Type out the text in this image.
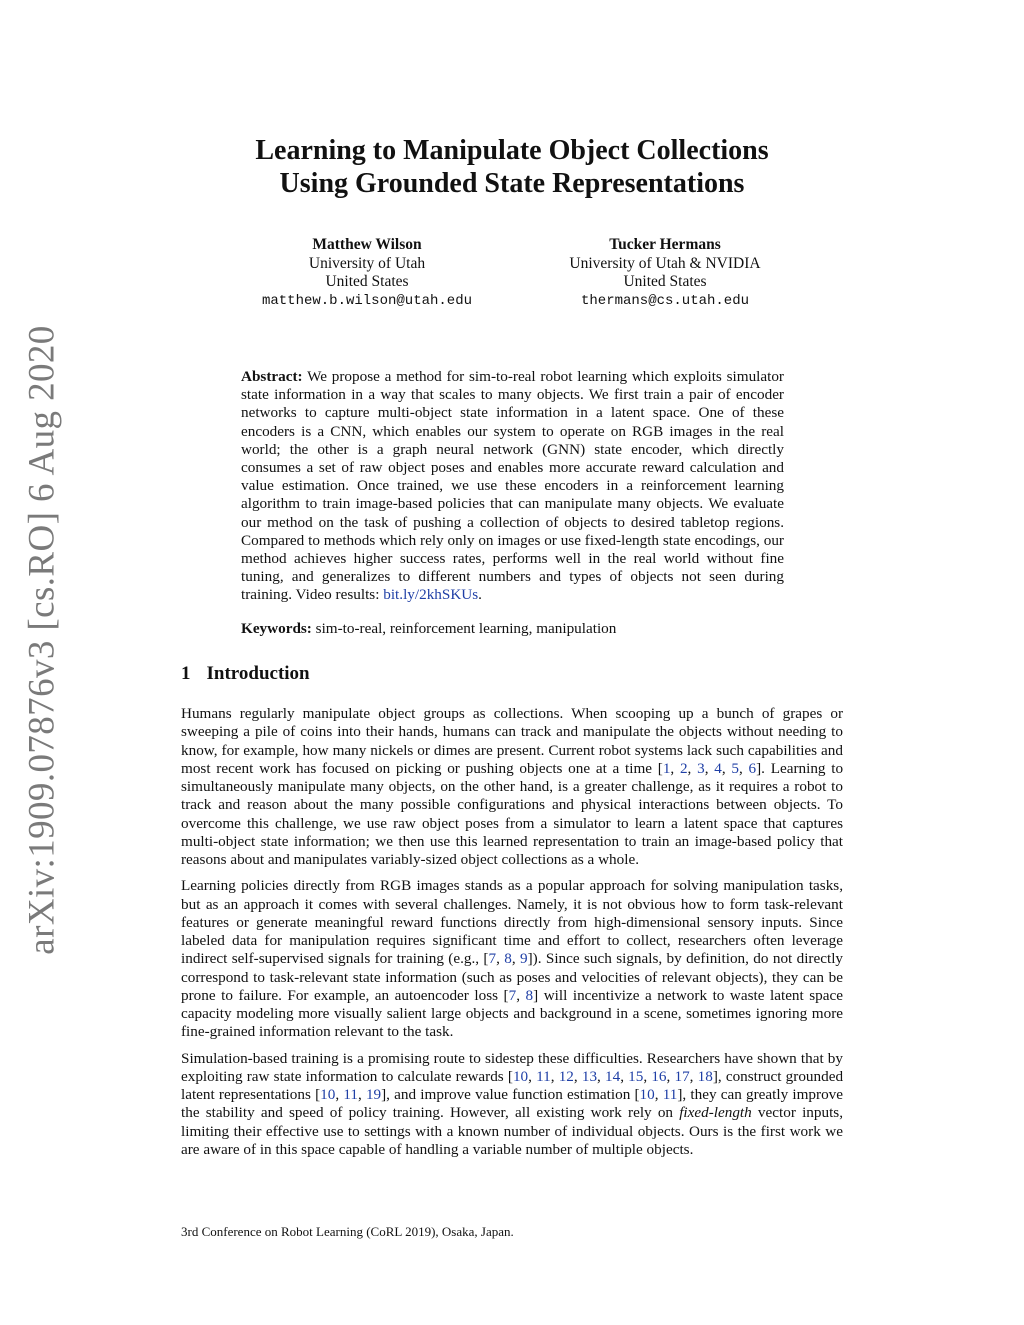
arXiv:1909.07876v3 [cs.RO] 6 Aug 2020
Learning to Manipulate Object Collections
Using Grounded State Representations
Matthew Wilson
University of Utah
United States
matthew.b.wilson@utah.edu
Tucker Hermans
University of Utah & NVIDIA
United States
thermans@cs.utah.edu
Abstract: We propose a method for sim-to-real robot learning which exploits simulator state information in a way that scales to many objects. We first train a pair of encoder networks to capture multi-object state information in a latent space. One of these encoders is a CNN, which enables our system to operate on RGB images in the real world; the other is a graph neural network (GNN) state encoder, which directly consumes a set of raw object poses and enables more accurate reward calculation and value estimation. Once trained, we use these encoders in a reinforcement learning algorithm to train image-based policies that can manipulate many objects. We evaluate our method on the task of pushing a collection of objects to desired tabletop regions. Compared to methods which rely only on images or use fixed-length state encodings, our method achieves higher success rates, performs well in the real world without fine tuning, and generalizes to different numbers and types of objects not seen during training. Video results: bit.ly/2khSKUs.
Keywords: sim-to-real, reinforcement learning, manipulation
1 Introduction

Humans regularly manipulate object groups as collections. When scooping up a bunch of grapes or sweeping a pile of coins into their hands, humans can track and manipulate the objects without needing to know, for example, how many nickels or dimes are present. Current robot systems lack such capabilities and most recent work has focused on picking or pushing objects one at a time [1, 2, 3, 4, 5, 6]. Learning to simultaneously manipulate many objects, on the other hand, is a greater challenge, as it requires a robot to track and reason about the many possible configurations and physical interactions between objects. To overcome this challenge, we use raw object poses from a simulator to learn a latent space that captures multi-object state information; we then use this learned representation to train an image-based policy that reasons about and manipulates variably-sized object collections as a whole.

Learning policies directly from RGB images stands as a popular approach for solving manipulation tasks, but as an approach it comes with several challenges. Namely, it is not obvious how to form task-relevant features or generate meaningful reward functions directly from high-dimensional sensory inputs. Since labeled data for manipulation requires significant time and effort to collect, researchers often leverage indirect self-supervised signals for training (e.g., [7, 8, 9]). Since such signals, by definition, do not directly correspond to task-relevant state information (such as poses and velocities of relevant objects), they can be prone to failure. For example, an autoencoder loss [7, 8] will incentivize a network to waste latent space capacity modeling more visually salient large objects and background in a scene, sometimes ignoring more fine-grained information relevant to the task.

Simulation-based training is a promising route to sidestep these difficulties. Researchers have shown that by exploiting raw state information to calculate rewards [10, 11, 12, 13, 14, 15, 16, 17, 18], construct grounded latent representations [10, 11, 19], and improve value function estimation [10, 11], they can greatly improve the stability and speed of policy training. However, all existing work rely on fixed-length vector inputs, limiting their effective use to settings with a known number of individual objects. Ours is the first work we are aware of in this space capable of handling a variable number of multiple objects.

3rd Conference on Robot Learning (CoRL 2019), Osaka, Japan.
